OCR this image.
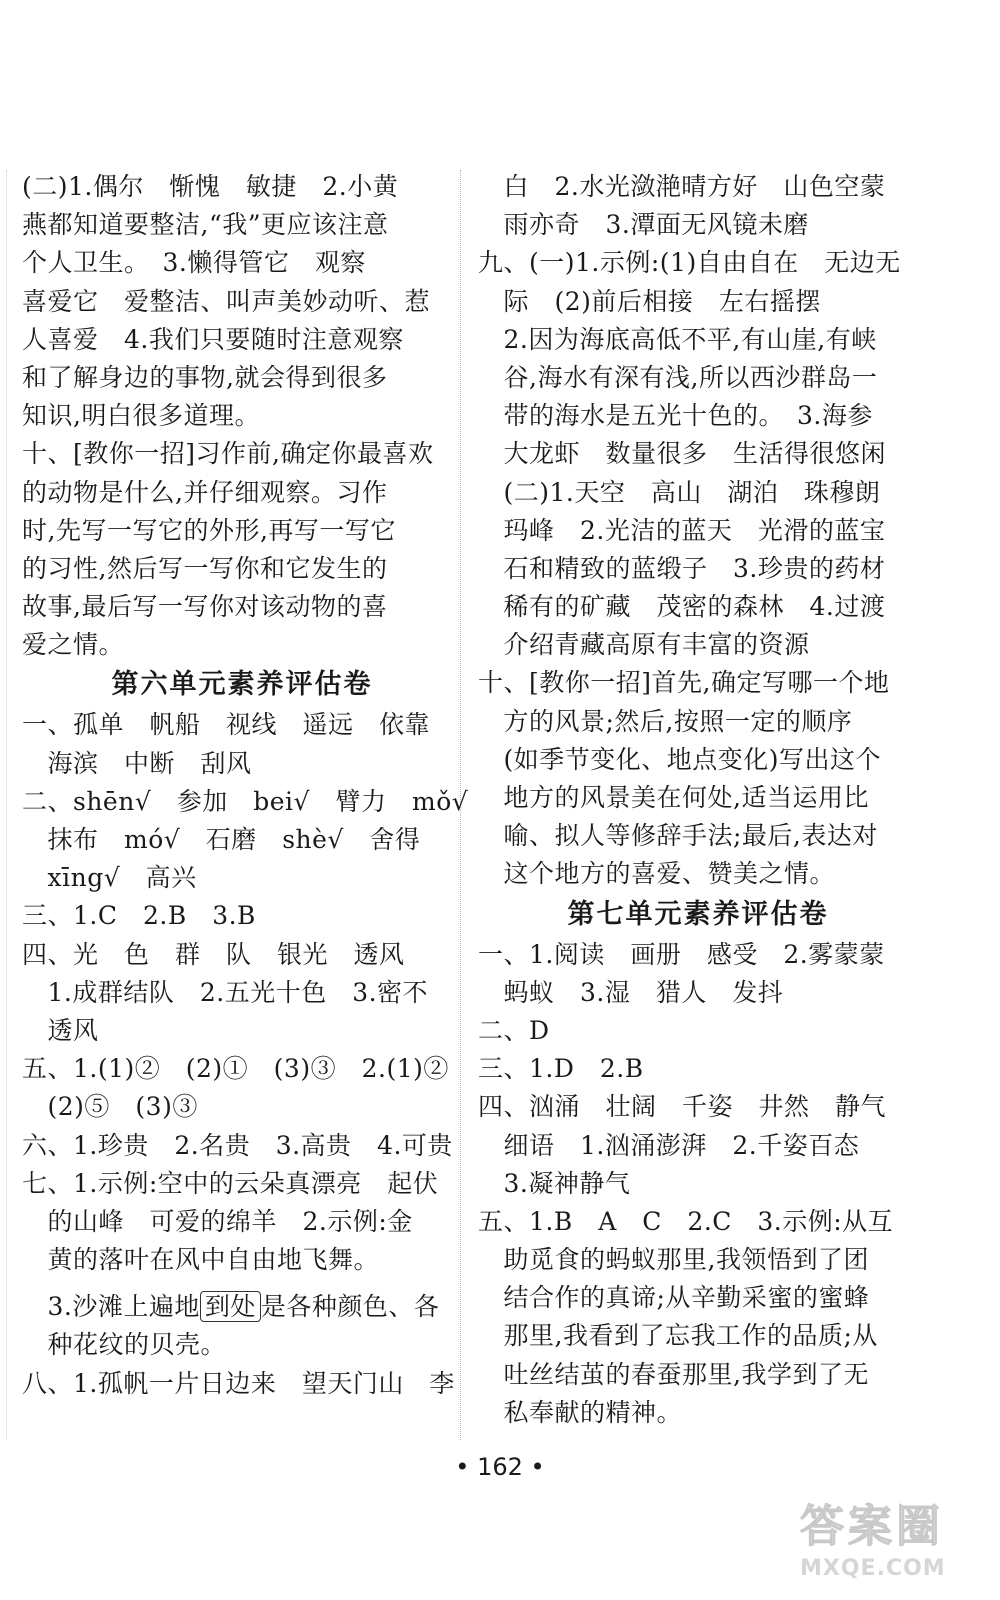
(二)1.偶尔　惭愧　敏捷　2.小黄
燕都知道要整洁,“我”更应该注意
个人卫生。　3.懒得管它　观察
喜爱它　爱整洁、叫声美妙动听、惹
人喜爱　4.我们只要随时注意观察
和了解身边的事物,就会得到很多
知识,明白很多道理。
十、[教你一招]习作前,确定你最喜欢
的动物是什么,并仔细观察。习作
时,先写一写它的外形,再写一写它
的习性,然后写一写你和它发生的
故事,最后写一写你对该动物的喜
爱之情。
第六单元素养评估卷
一、孤单　帆船　视线　遥远　依靠
　海滨　中断　刮风
二、shēn√　参加　bei√　臂力　mǒ√
　抹布　mó√　石磨　shè√　舍得
　xīng√　高兴
三、1.C　2.B　3.B
四、光　色　群　队　银光　透风
　1.成群结队　2.五光十色　3.密不
　透风
五、1.(1)②　(2)①　(3)③　2.(1)②
　(2)⑤　(3)③
六、1.珍贵　2.名贵　3.高贵　4.可贵
七、1.示例:空中的云朵真漂亮　起伏
　的山峰　可爱的绵羊　2.示例:金
　黄的落叶在风中自由地飞舞。
　3.沙滩上遍地 到处 是各种颜色、各
　种花纹的贝壳。
八、1.孤帆一片日边来　望天门山　李
　白　2.水光潋滟晴方好　山色空蒙
　雨亦奇　3.潭面无风镜未磨
九、(一)1.示例:(1)自由自在　无边无
　际　(2)前后相接　左右摇摆
　2.因为海底高低不平,有山崖,有峡
　谷,海水有深有浅,所以西沙群岛一
　带的海水是五光十色的。　3.海参
　大龙虾　数量很多　生活得很悠闲
　(二)1.天空　高山　湖泊　珠穆朗
　玛峰　2.光洁的蓝天　光滑的蓝宝
　石和精致的蓝缎子　3.珍贵的药材
　稀有的矿藏　茂密的森林　4.过渡
　介绍青藏高原有丰富的资源
十、[教你一招]首先,确定写哪一个地
　方的风景;然后,按照一定的顺序
　(如季节变化、地点变化)写出这个
　地方的风景美在何处,适当运用比
　喻、拟人等修辞手法;最后,表达对
　这个地方的喜爱、赞美之情。
第七单元素养评估卷
一、1.阅读　画册　感受　2.雾蒙蒙
　蚂蚁　3.湿　猎人　发抖
二、D
三、1.D　2.B
四、汹涌　壮阔　千姿　井然　静气
　细语　1.汹涌澎湃　2.千姿百态
　3.凝神静气
五、1.B　A　C　2.C　3.示例:从互
　助觅食的蚂蚁那里,我领悟到了团
　结合作的真谛;从辛勤采蜜的蜜蜂
　那里,我看到了忘我工作的品质;从
　吐丝结茧的春蚕那里,我学到了无
　私奉献的精神。
• 162 •
答案圈
MXQE.COM
